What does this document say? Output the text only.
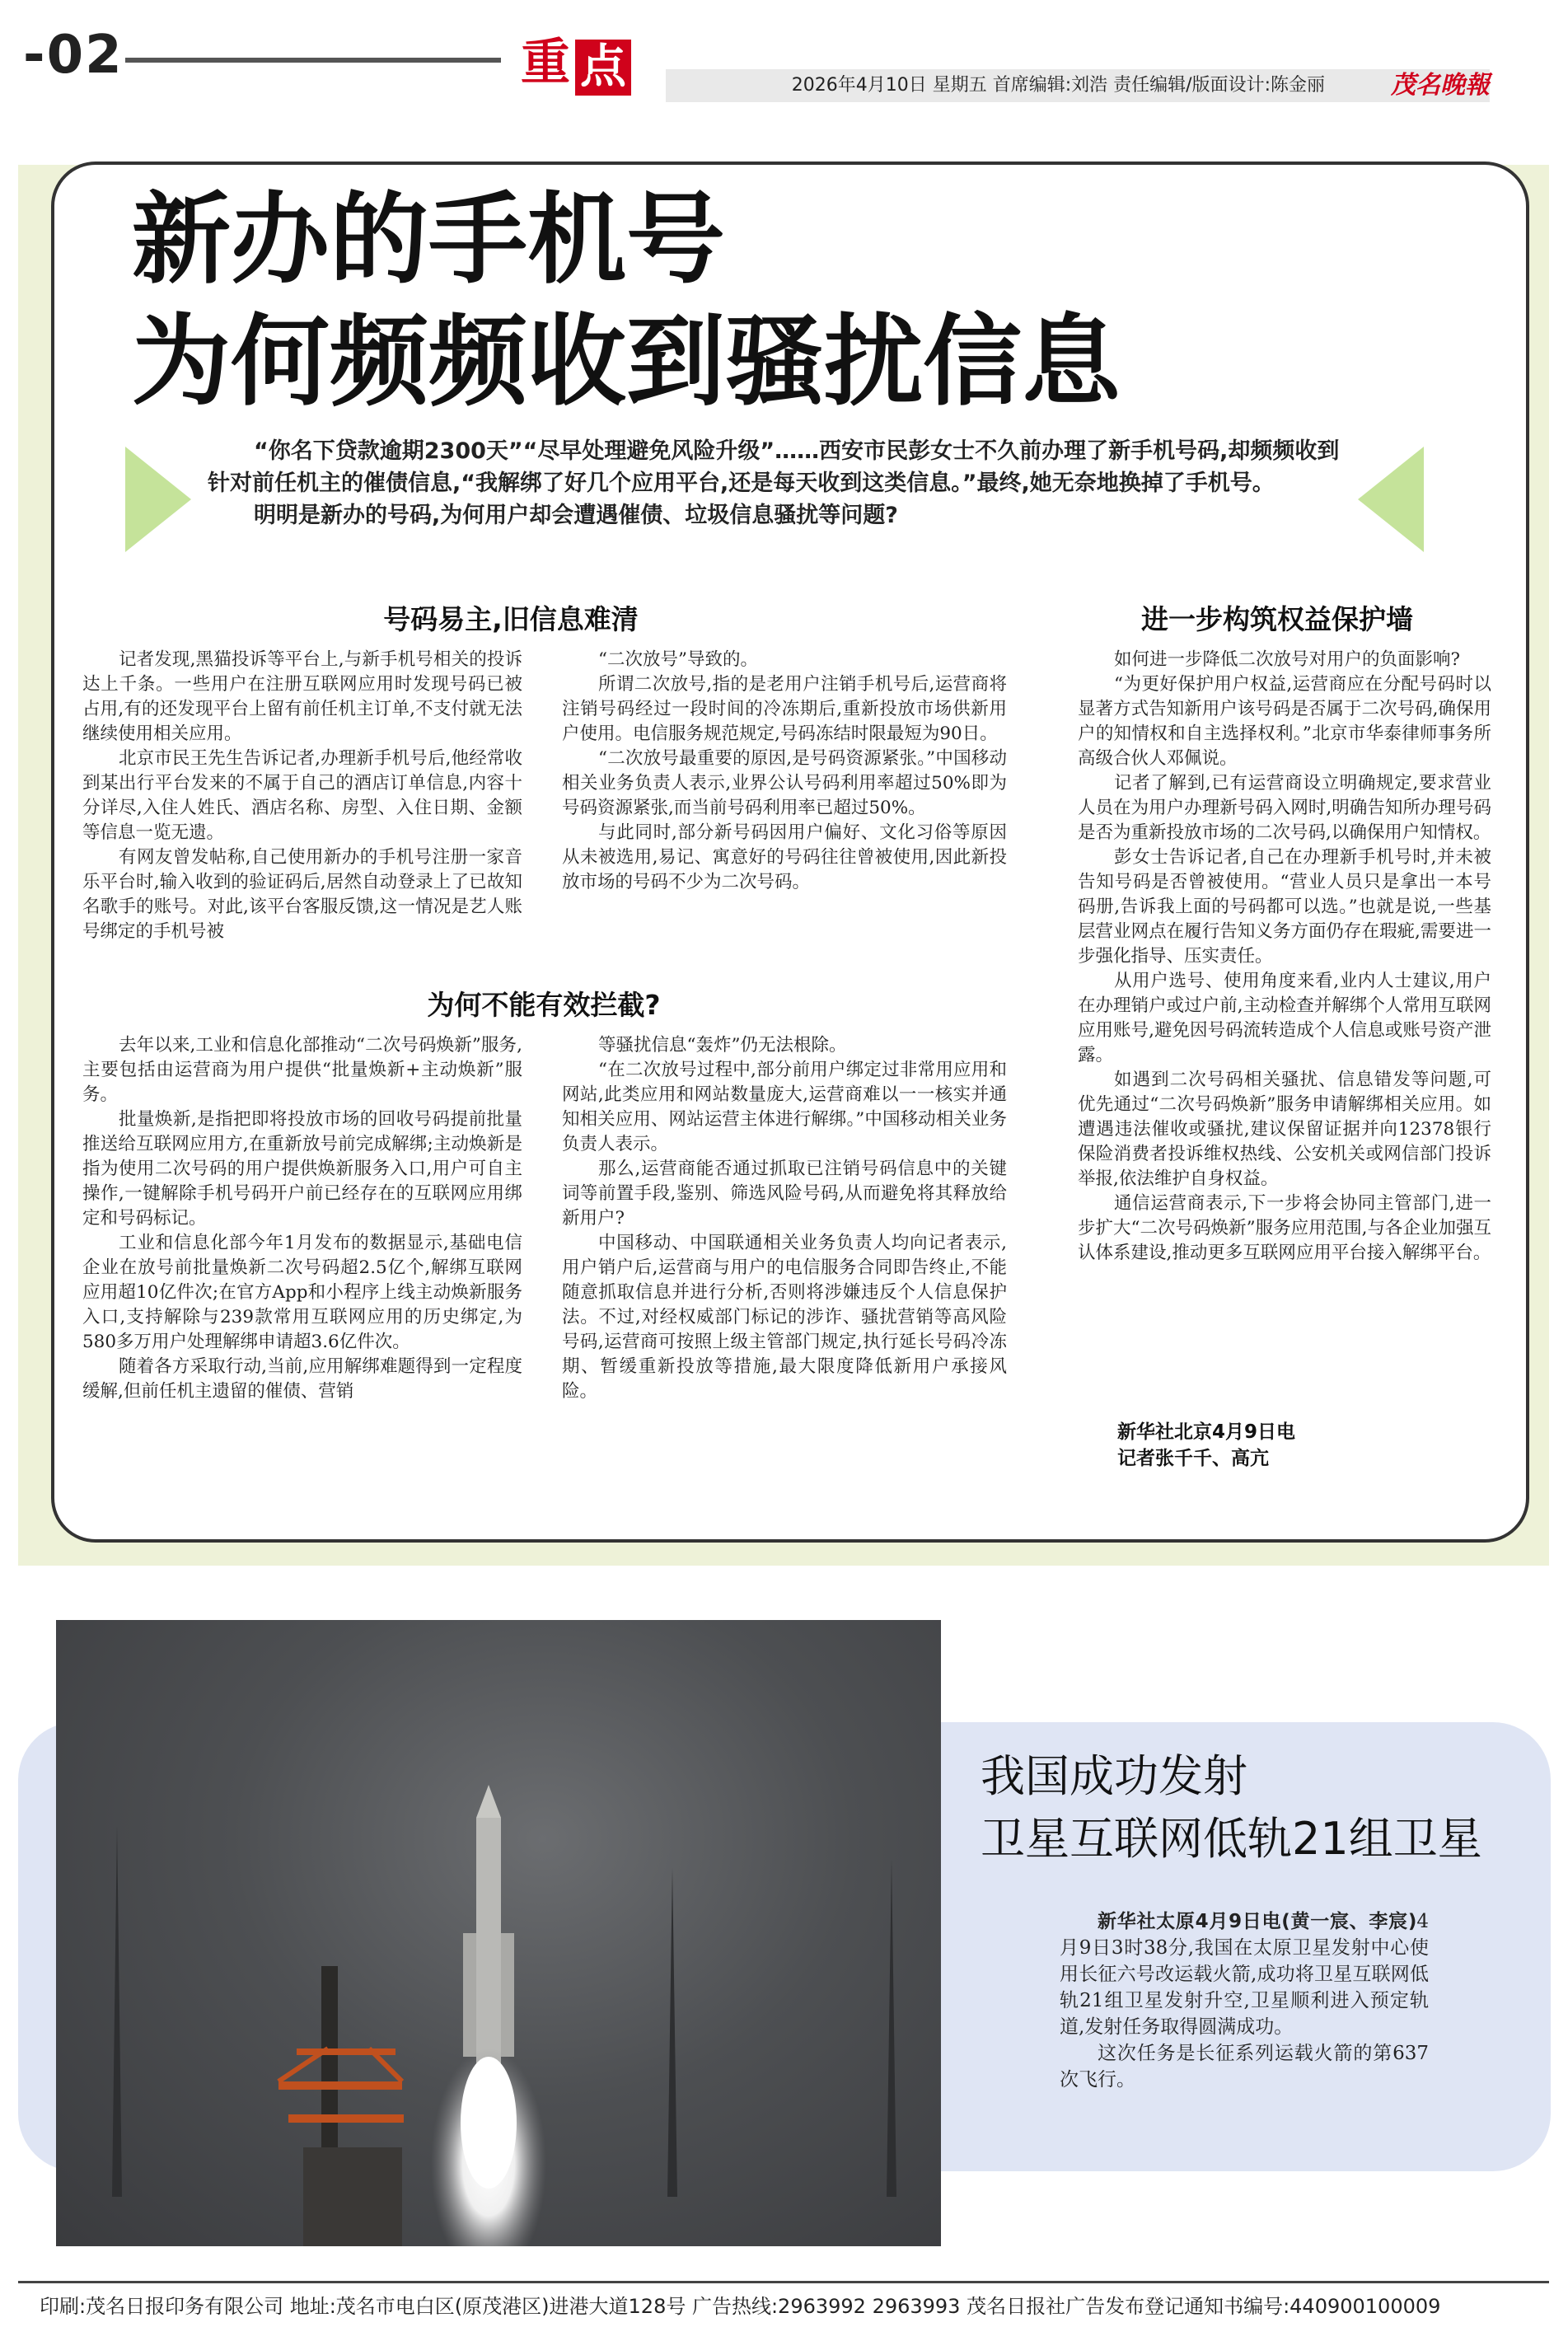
-02	重 点	2026年4月10日 星期五 首席编辑:刘浩 责任编辑/版面设计:陈金丽	茂名晚報
新办的手机号
为何频频收到骚扰信息

“你名下贷款逾期2300天”“尽早处理避免风险升级”……西安市民彭女士不久前办理了新手机号码,却频频收到针对前任机主的催债信息,“我解绑了好几个应用平台,还是每天收到这类信息。”最终,她无奈地换掉了手机号。

明明是新办的号码,为何用户却会遭遇催债、垃圾信息骚扰等问题?

号码易主,旧信息难清

记者发现,黑猫投诉等平台上,与新手机号相关的投诉达上千条。一些用户在注册互联网应用时发现号码已被占用,有的还发现平台上留有前任机主订单,不支付就无法继续使用相关应用。

北京市民王先生告诉记者,办理新手机号后,他经常收到某出行平台发来的不属于自己的酒店订单信息,内容十分详尽,入住人姓氏、酒店名称、房型、入住日期、金额等信息一览无遗。

有网友曾发帖称,自己使用新办的手机号注册一家音乐平台时,输入收到的验证码后,居然自动登录上了已故知名歌手的账号。对此,该平台客服反馈,这一情况是艺人账号绑定的手机号被

“二次放号”导致的。

所谓二次放号,指的是老用户注销手机号后,运营商将注销号码经过一段时间的冷冻期后,重新投放市场供新用户使用。电信服务规范规定,号码冻结时限最短为90日。

“二次放号最重要的原因,是号码资源紧张。”中国移动相关业务负责人表示,业界公认号码利用率超过50%即为号码资源紧张,而当前号码利用率已超过50%。

与此同时,部分新号码因用户偏好、文化习俗等原因从未被选用,易记、寓意好的号码往往曾被使用,因此新投放市场的号码不少为二次号码。

为何不能有效拦截?

去年以来,工业和信息化部推动“二次号码焕新”服务,主要包括由运营商为用户提供“批量焕新+主动焕新”服务。

批量焕新,是指把即将投放市场的回收号码提前批量推送给互联网应用方,在重新放号前完成解绑;主动焕新是指为使用二次号码的用户提供焕新服务入口,用户可自主操作,一键解除手机号码开户前已经存在的互联网应用绑定和号码标记。

工业和信息化部今年1月发布的数据显示,基础电信企业在放号前批量焕新二次号码超2.5亿个,解绑互联网应用超10亿件次;在官方App和小程序上线主动焕新服务入口,支持解除与239款常用互联网应用的历史绑定,为580多万用户处理解绑申请超3.6亿件次。

随着各方采取行动,当前,应用解绑难题得到一定程度缓解,但前任机主遗留的催债、营销

等骚扰信息“轰炸”仍无法根除。

“在二次放号过程中,部分前用户绑定过非常用应用和网站,此类应用和网站数量庞大,运营商难以一一核实并通知相关应用、网站运营主体进行解绑。”中国移动相关业务负责人表示。

那么,运营商能否通过抓取已注销号码信息中的关键词等前置手段,鉴别、筛选风险号码,从而避免将其释放给新用户?

中国移动、中国联通相关业务负责人均向记者表示,用户销户后,运营商与用户的电信服务合同即告终止,不能随意抓取信息并进行分析,否则将涉嫌违反个人信息保护法。不过,对经权威部门标记的涉诈、骚扰营销等高风险号码,运营商可按照上级主管部门规定,执行延长号码冷冻期、暂缓重新投放等措施,最大限度降低新用户承接风险。

进一步构筑权益保护墙

如何进一步降低二次放号对用户的负面影响?

“为更好保护用户权益,运营商应在分配号码时以显著方式告知新用户该号码是否属于二次号码,确保用户的知情权和自主选择权利。”北京市华泰律师事务所高级合伙人邓佩说。

记者了解到,已有运营商设立明确规定,要求营业人员在为用户办理新号码入网时,明确告知所办理号码是否为重新投放市场的二次号码,以确保用户知情权。

彭女士告诉记者,自己在办理新手机号时,并未被告知号码是否曾被使用。“营业人员只是拿出一本号码册,告诉我上面的号码都可以选。”也就是说,一些基层营业网点在履行告知义务方面仍存在瑕疵,需要进一步强化指导、压实责任。

从用户选号、使用角度来看,业内人士建议,用户在办理销户或过户前,主动检查并解绑个人常用互联网应用账号,避免因号码流转造成个人信息或账号资产泄露。

如遇到二次号码相关骚扰、信息错发等问题,可优先通过“二次号码焕新”服务申请解绑相关应用。如遭遇违法催收或骚扰,建议保留证据并向12378银行保险消费者投诉维权热线、公安机关或网信部门投诉举报,依法维护自身权益。

通信运营商表示,下一步将会协同主管部门,进一步扩大“二次号码焕新”服务应用范围,与各企业加强互认体系建设,推动更多互联网应用平台接入解绑平台。

新华社北京4月9日电
记者张千千、高亢
我国成功发射
卫星互联网低轨21组卫星

新华社太原4月9日电(黄一宸、李宸)4月9日3时38分,我国在太原卫星发射中心使用长征六号改运载火箭,成功将卫星互联网低轨21组卫星发射升空,卫星顺利进入预定轨道,发射任务取得圆满成功。

这次任务是长征系列运载火箭的第637次飞行。

印刷:茂名日报印务有限公司 地址:茂名市电白区(原茂港区)进港大道128号 广告热线:2963992 2963993 茂名日报社广告发布登记通知书编号:440900100009
